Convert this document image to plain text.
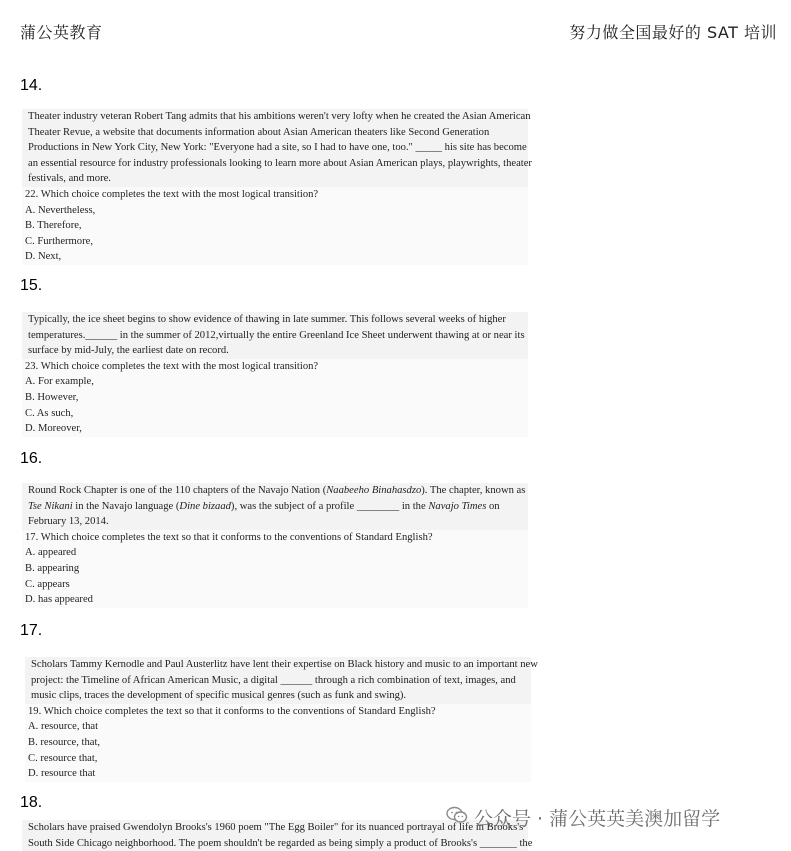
蒲公英教育	努力做全国最好的 SAT 培训
14.
Theater industry veteran Robert Tang admits that his ambitions weren't very lofty when he created the Asian American
Theater Revue, a website that documents information about Asian American theaters like Second Generation
Productions in New York City, New York: "Everyone had a site, so I had to have one, too." _____ his site has become
an essential resource for industry professionals looking to learn more about Asian American plays, playwrights, theater
festivals, and more.
22. Which choice completes the text with the most logical transition?
A. Nevertheless,
B. Therefore,
C. Furthermore,
D. Next,
15.
Typically, the ice sheet begins to show evidence of thawing in late summer. This follows several weeks of higher
temperatures.______ in the summer of 2012,virtually the entire Greenland Ice Sheet underwent thawing at or near its
surface by mid-July, the earliest date on record.
23. Which choice completes the text with the most logical transition?
A. For example,
B. However,
C. As such,
D. Moreover,
16.
Round Rock Chapter is one of the 110 chapters of the Navajo Nation (Naabeeho Binahasdzo). The chapter, known as
Tse Nikani in the Navajo language (Dine bizaad), was the subject of a profile ________ in the Navajo Times on
February 13, 2014.
17. Which choice completes the text so that it conforms to the conventions of Standard English?
A. appeared
B. appearing
C. appears
D. has appeared
17.
Scholars Tammy Kernodle and Paul Austerlitz have lent their expertise on Black history and music to an important new
project: the Timeline of African American Music, a digital ______ through a rich combination of text, images, and
music clips, traces the development of specific musical genres (such as funk and swing).
19. Which choice completes the text so that it conforms to the conventions of Standard English?
A. resource, that
B. resource, that,
C. resource that,
D. resource that
18.
Scholars have praised Gwendolyn Brooks's 1960 poem "The Egg Boiler" for its nuanced portrayal of life in Brooks's
South Side Chicago neighborhood. The poem shouldn't be regarded as being simply a product of Brooks's _______ the
公众号 · 蒲公英英美澳加留学
